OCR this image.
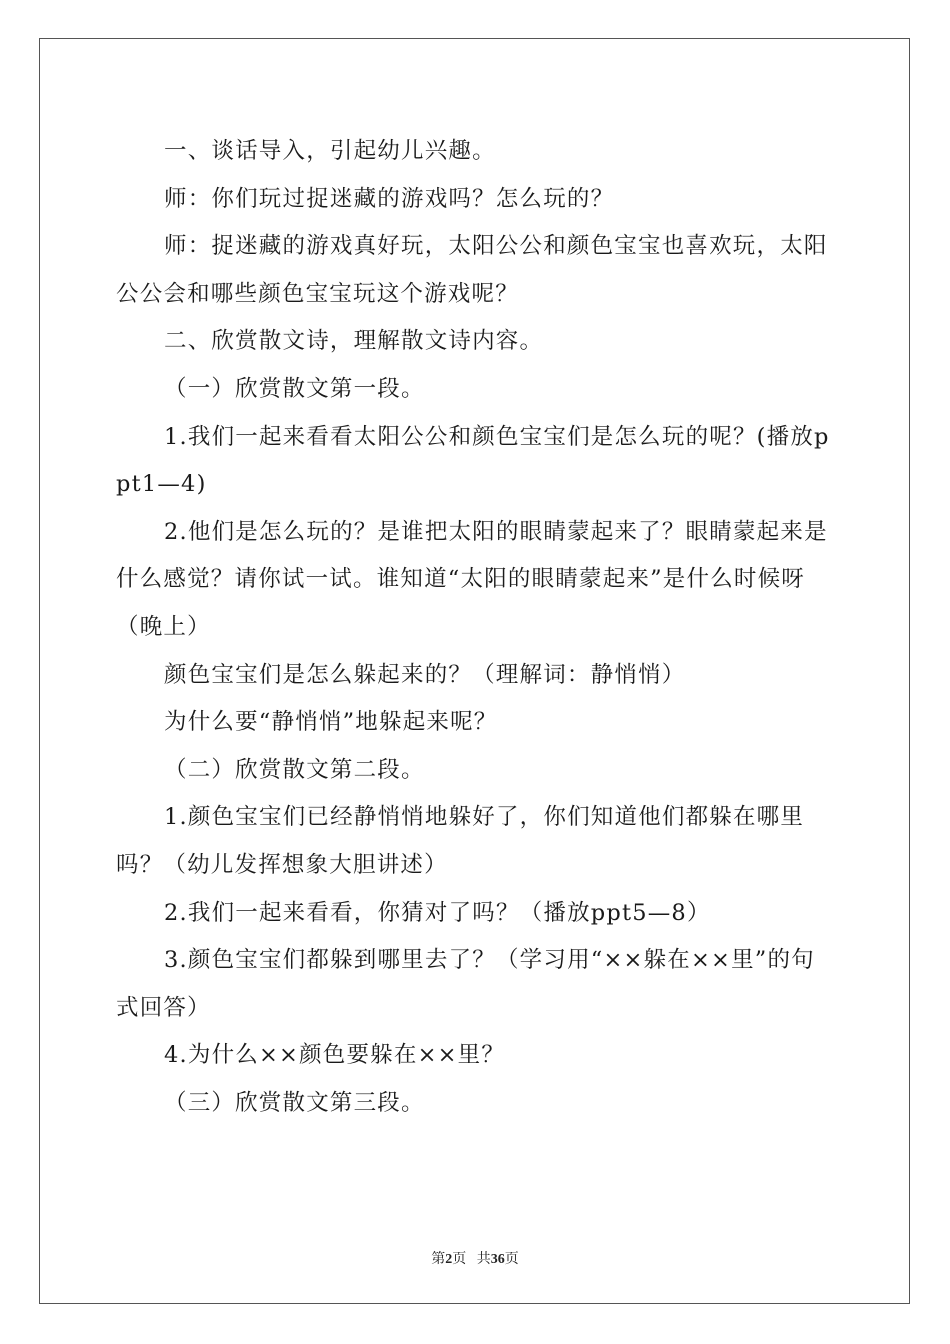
一、谈话导入，引起幼儿兴趣。

师：你们玩过捉迷藏的游戏吗？怎么玩的？

师：捉迷藏的游戏真好玩，太阳公公和颜色宝宝也喜欢玩，太阳公公会和哪些颜色宝宝玩这个游戏呢？

二、欣赏散文诗，理解散文诗内容。

（一）欣赏散文第一段。

1.我们一起来看看太阳公公和颜色宝宝们是怎么玩的呢？(播放ppt1—4)

2.他们是怎么玩的？是谁把太阳的眼睛蒙起来了？眼睛蒙起来是什么感觉？请你试一试。谁知道“太阳的眼睛蒙起来”是什么时候呀（晚上）

颜色宝宝们是怎么躲起来的？（理解词：静悄悄）

为什么要“静悄悄”地躲起来呢？

（二）欣赏散文第二段。

1.颜色宝宝们已经静悄悄地躲好了，你们知道他们都躲在哪里吗？（幼儿发挥想象大胆讲述）

2.我们一起来看看，你猜对了吗？（播放ppt5—8）

3.颜色宝宝们都躲到哪里去了？（学习用“××躲在××里”的句式回答）

4.为什么××颜色要躲在××里？

（三）欣赏散文第三段。

第2页 共36页
